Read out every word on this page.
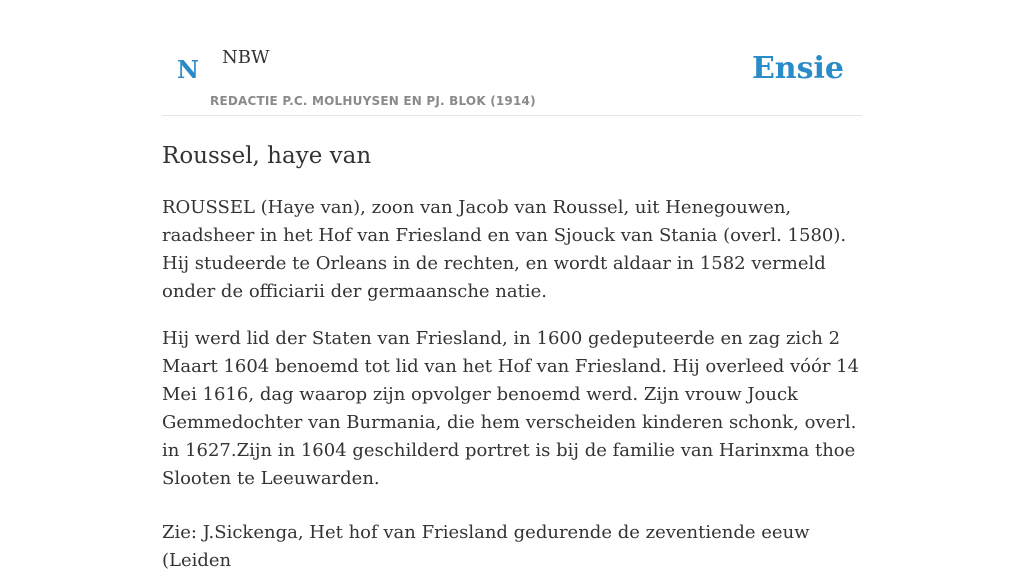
N NBW	Ensie
REDACTIE P.C. MOLHUYSEN EN PJ. BLOK (1914)
Roussel, haye van

ROUSSEL (Haye van), zoon van Jacob van Roussel, uit Henegouwen, raadsheer in het Hof van Friesland en van Sjouck van Stania (overl. 1580). Hij studeerde te Orleans in de rechten, en wordt aldaar in 1582 vermeld onder de officiarii der germaansche natie.

Hij werd lid der Staten van Friesland, in 1600 gedeputeerde en zag zich 2 Maart 1604 benoemd tot lid van het Hof van Friesland. Hij overleed vóór 14 Mei 1616, dag waarop zijn opvolger benoemd werd. Zijn vrouw Jouck Gemmedochter van Burmania, die hem verscheiden kinderen schonk, overl. in 1627.Zijn in 1604 geschilderd portret is bij de familie van Harinxma thoe Slooten te Leeuwarden.

Zie: J.Sickenga, Het hof van Friesland gedurende de zeventiende eeuw (Leiden
